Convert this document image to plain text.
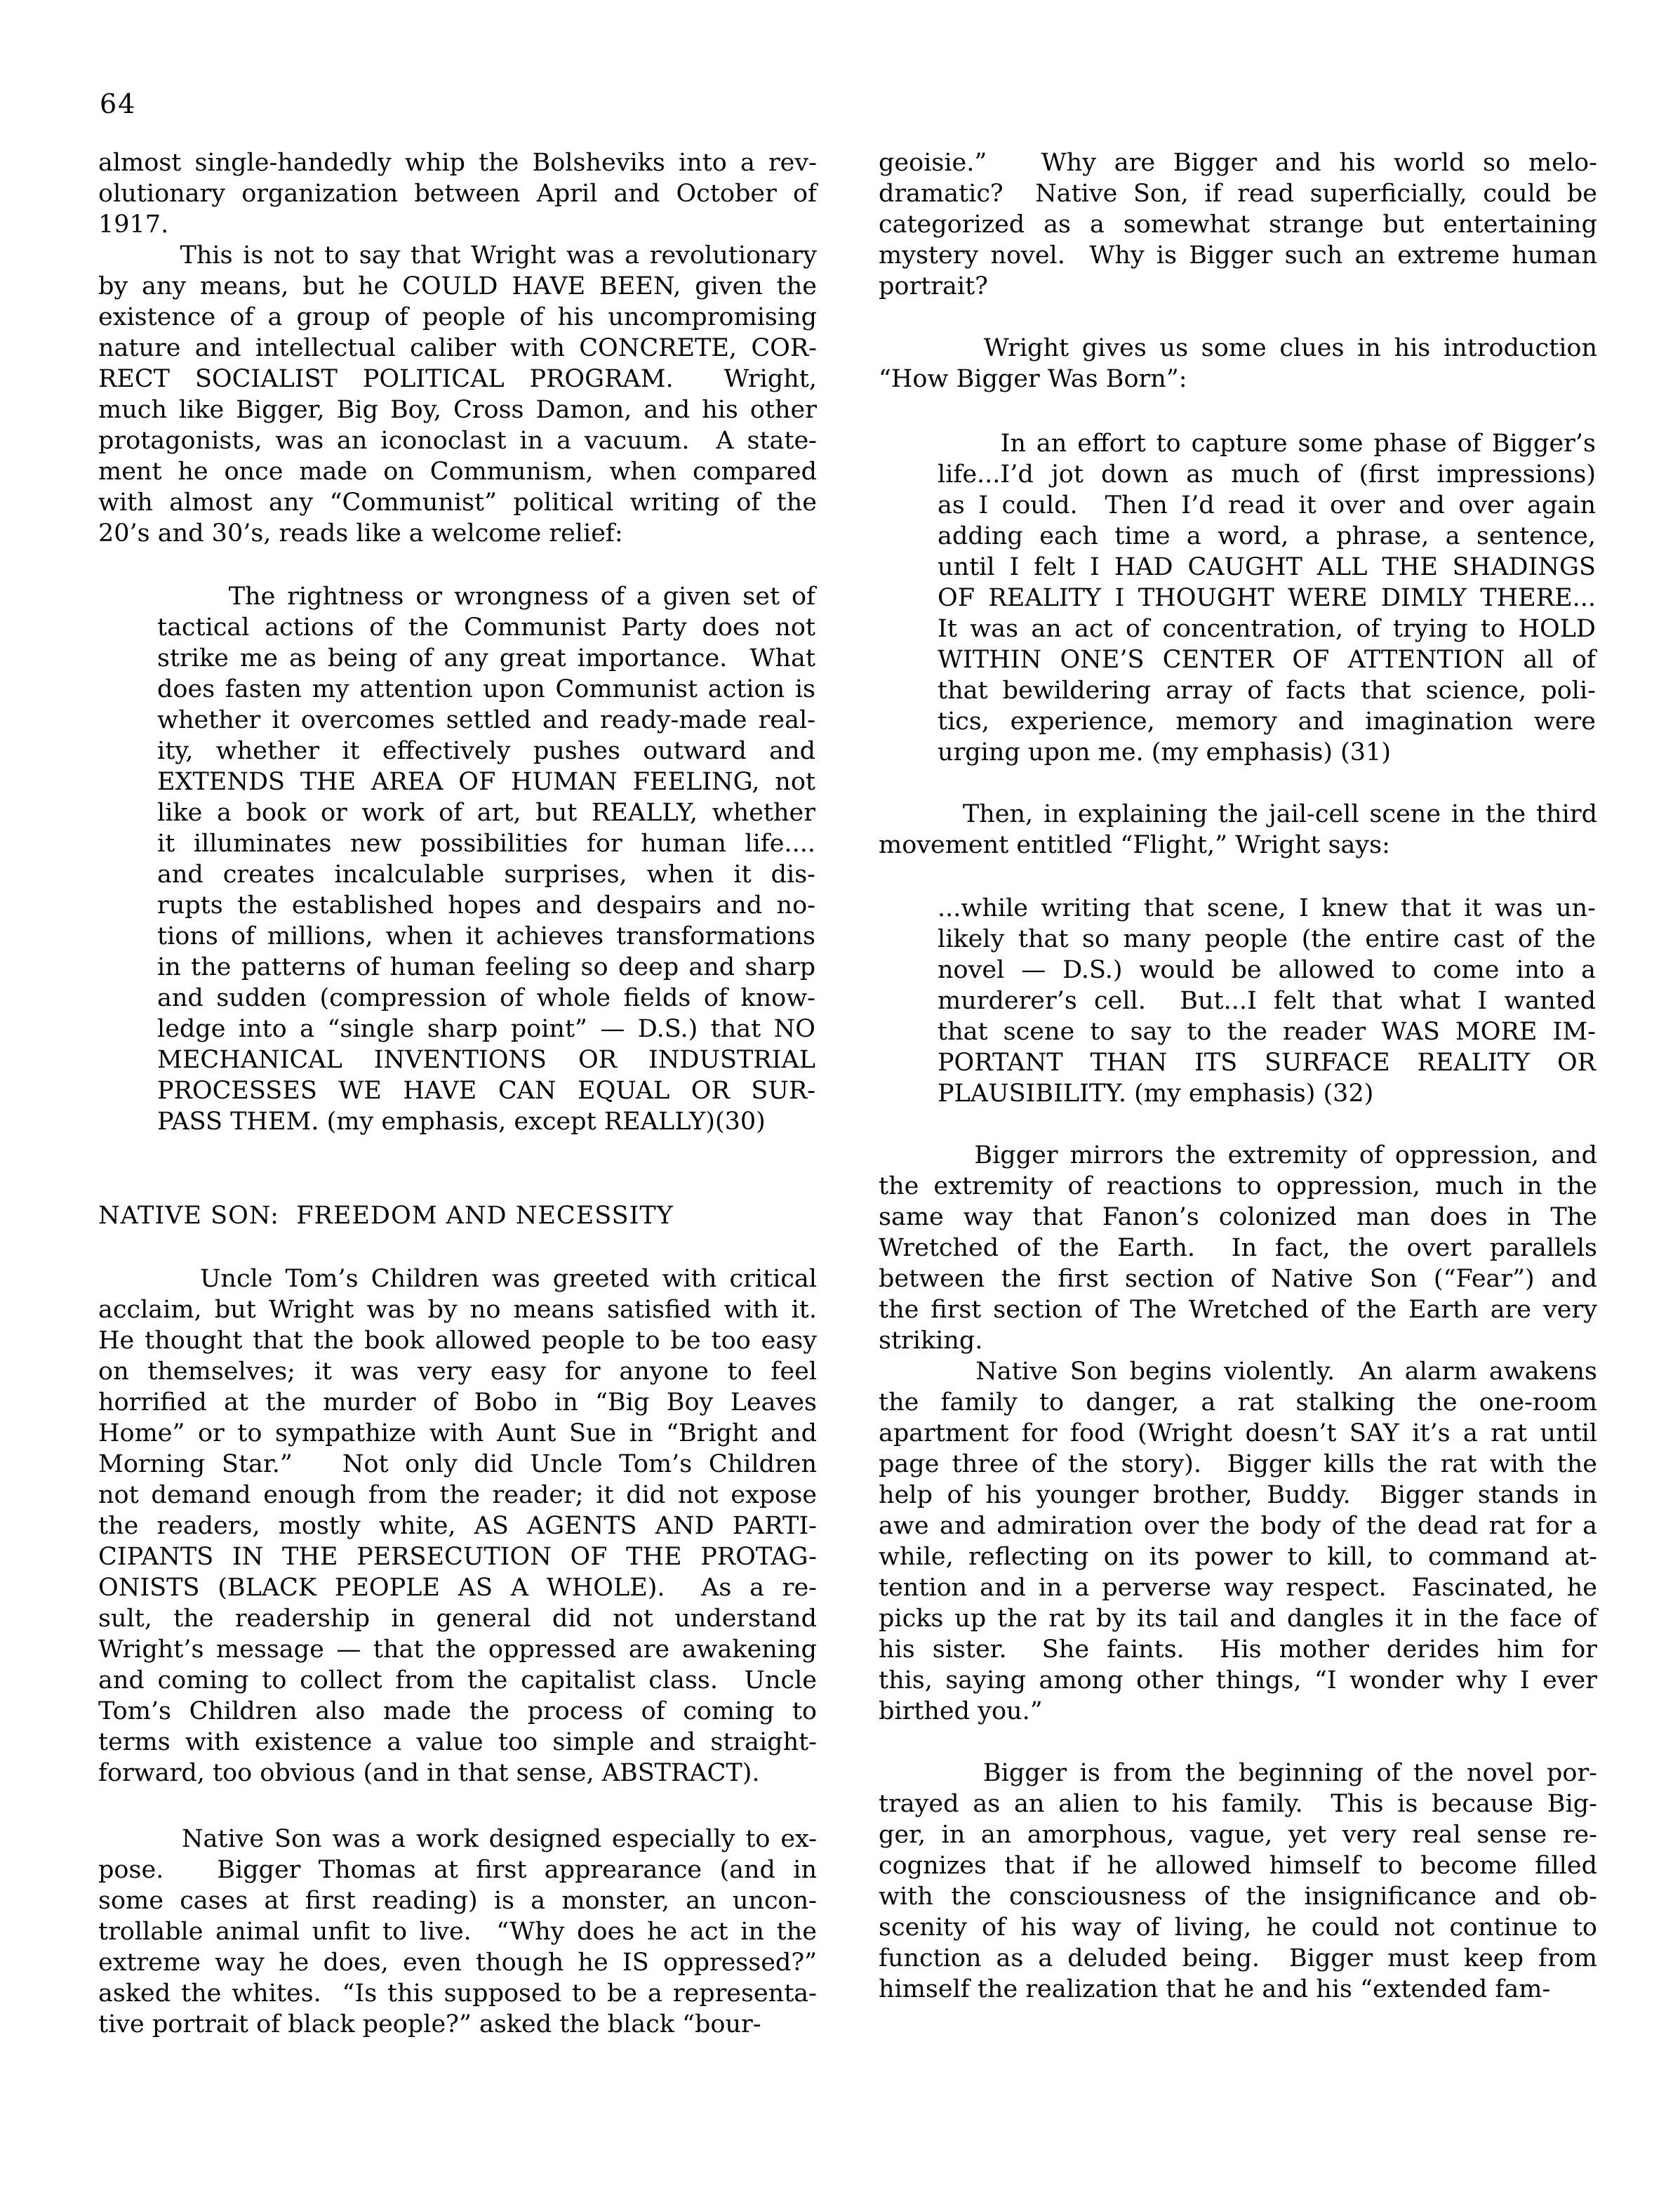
64
almost single-handedly whip the Bolsheviks into a rev-
olutionary organization between April and October of
1917.
This is not to say that Wright was a revolutionary
by any means, but he COULD HAVE BEEN, given the
existence of a group of people of his uncompromising
nature and intellectual caliber with CONCRETE, COR-
RECT SOCIALIST POLITICAL PROGRAM.  Wright,
much like Bigger, Big Boy, Cross Damon, and his other
protagonists, was an iconoclast in a vacuum.  A state-
ment he once made on Communism, when compared
with almost any “Communist” political writing of the
20’s and 30’s, reads like a welcome relief:
The rightness or wrongness of a given set of
tactical actions of the Communist Party does not
strike me as being of any great importance.  What
does fasten my attention upon Communist action is
whether it overcomes settled and ready-made real-
ity, whether it effectively pushes outward and
EXTENDS THE AREA OF HUMAN FEELING, not
like a book or work of art, but REALLY, whether
it illuminates new possibilities for human life....
and creates incalculable surprises, when it dis-
rupts the established hopes and despairs and no-
tions of millions, when it achieves transformations
in the patterns of human feeling so deep and sharp
and sudden (compression of whole fields of know-
ledge into a “single sharp point” — D.S.) that NO
MECHANICAL INVENTIONS OR INDUSTRIAL
PROCESSES WE HAVE CAN EQUAL OR SUR-
PASS THEM. (my emphasis, except REALLY)(30)
NATIVE SON:  FREEDOM AND NECESSITY
Uncle Tom’s Children was greeted with critical
acclaim, but Wright was by no means satisfied with it.
He thought that the book allowed people to be too easy
on themselves; it was very easy for anyone to feel
horrified at the murder of Bobo in “Big Boy Leaves
Home” or to sympathize with Aunt Sue in “Bright and
Morning Star.”   Not only did Uncle Tom’s Children
not demand enough from the reader; it did not expose
the readers, mostly white, AS AGENTS AND PARTI-
CIPANTS IN THE PERSECUTION OF THE PROTAG-
ONISTS (BLACK PEOPLE AS A WHOLE).  As a re-
sult, the readership in general did not understand
Wright’s message — that the oppressed are awakening
and coming to collect from the capitalist class.  Uncle
Tom’s Children also made the process of coming to
terms with existence a value too simple and straight-
forward, too obvious (and in that sense, ABSTRACT).
Native Son was a work designed especially to ex-
pose.   Bigger Thomas at first apprearance (and in
some cases at first reading) is a monster, an uncon-
trollable animal unfit to live.  “Why does he act in the
extreme way he does, even though he IS oppressed?”
asked the whites.  “Is this supposed to be a representa-
tive portrait of black people?” asked the black “bour-
geoisie.”   Why are Bigger and his world so melo-
dramatic?  Native Son, if read superficially, could be
categorized as a somewhat strange but entertaining
mystery novel.  Why is Bigger such an extreme human
portrait?
Wright gives us some clues in his introduction
“How Bigger Was Born”:
In an effort to capture some phase of Bigger’s
life...I’d jot down as much of (first impressions)
as I could.  Then I’d read it over and over again
adding each time a word, a phrase, a sentence,
until I felt I HAD CAUGHT ALL THE SHADINGS
OF REALITY I THOUGHT WERE DIMLY THERE...
It was an act of concentration, of trying to HOLD
WITHIN ONE’S CENTER OF ATTENTION all of
that bewildering array of facts that science, poli-
tics, experience, memory and imagination were
urging upon me. (my emphasis) (31)
Then, in explaining the jail-cell scene in the third
movement entitled “Flight,” Wright says:
...while writing that scene, I knew that it was un-
likely that so many people (the entire cast of the
novel — D.S.) would be allowed to come into a
murderer’s cell.  But...I felt that what I wanted
that scene to say to the reader WAS MORE IM-
PORTANT THAN ITS SURFACE REALITY OR
PLAUSIBILITY. (my emphasis) (32)
Bigger mirrors the extremity of oppression, and
the extremity of reactions to oppression, much in the
same way that Fanon’s colonized man does in The
Wretched of the Earth.  In fact, the overt parallels
between the first section of Native Son (“Fear”) and
the first section of The Wretched of the Earth are very
striking.
Native Son begins violently.  An alarm awakens
the family to danger, a rat stalking the one-room
apartment for food (Wright doesn’t SAY it’s a rat until
page three of the story).  Bigger kills the rat with the
help of his younger brother, Buddy.  Bigger stands in
awe and admiration over the body of the dead rat for a
while, reflecting on its power to kill, to command at-
tention and in a perverse way respect.  Fascinated, he
picks up the rat by its tail and dangles it in the face of
his sister.  She faints.  His mother derides him for
this, saying among other things, “I wonder why I ever
birthed you.”
Bigger is from the beginning of the novel por-
trayed as an alien to his family.  This is because Big-
ger, in an amorphous, vague, yet very real sense re-
cognizes that if he allowed himself to become filled
with the consciousness of the insignificance and ob-
scenity of his way of living, he could not continue to
function as a deluded being.  Bigger must keep from
himself the realization that he and his “extended fam-
